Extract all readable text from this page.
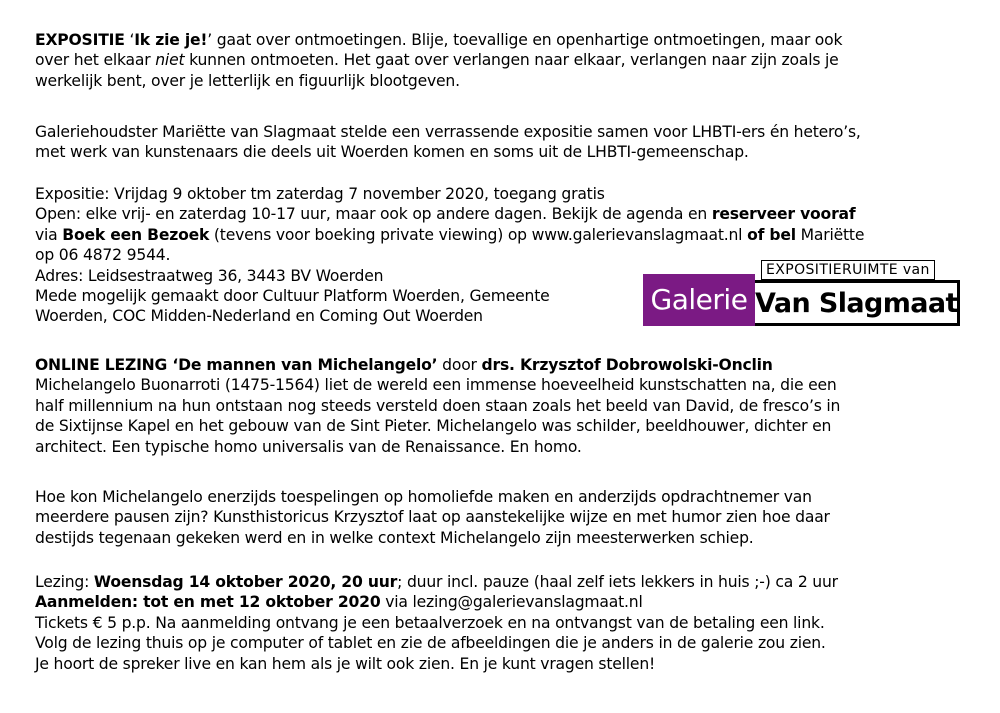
EXPOSITIE ‘Ik zie je!’ gaat over ontmoetingen. Blije, toevallige en openhartige ontmoetingen, maar ook
over het elkaar niet kunnen ontmoeten. Het gaat over verlangen naar elkaar, verlangen naar zijn zoals je
werkelijk bent, over je letterlijk en figuurlijk blootgeven.
Galeriehoudster Mariëtte van Slagmaat stelde een verrassende expositie samen voor LHBTI-ers én hetero’s,
met werk van kunstenaars die deels uit Woerden komen en soms uit de LHBTI-gemeenschap.
Expositie: Vrijdag 9 oktober tm zaterdag 7 november 2020, toegang gratis
Open: elke vrij- en zaterdag 10-17 uur, maar ook op andere dagen. Bekijk de agenda en reserveer vooraf
via Boek een Bezoek (tevens voor boeking private viewing) op www.galerievanslagmaat.nl of bel Mariëtte
op 06 4872 9544.
Adres: Leidsestraatweg 36, 3443 BV Woerden
Mede mogelijk gemaakt door Cultuur Platform Woerden, Gemeente
Woerden, COC Midden-Nederland en Coming Out Woerden
Galerie Van Slagmaat
EXPOSITIERUIMTE van
ONLINE LEZING ‘De mannen van Michelangelo’ door drs. Krzysztof Dobrowolski-Onclin
Michelangelo Buonarroti (1475-1564) liet de wereld een immense hoeveelheid kunstschatten na, die een
half millennium na hun ontstaan nog steeds versteld doen staan zoals het beeld van David, de fresco’s in
de Sixtijnse Kapel en het gebouw van de Sint Pieter. Michelangelo was schilder, beeldhouwer, dichter en
architect. Een typische homo universalis van de Renaissance. En homo.
Hoe kon Michelangelo enerzijds toespelingen op homoliefde maken en anderzijds opdrachtnemer van
meerdere pausen zijn? Kunsthistoricus Krzysztof laat op aanstekelijke wijze en met humor zien hoe daar
destijds tegenaan gekeken werd en in welke context Michelangelo zijn meesterwerken schiep.
Lezing: Woensdag 14 oktober 2020, 20 uur; duur incl. pauze (haal zelf iets lekkers in huis ;-) ca 2 uur
Aanmelden: tot en met 12 oktober 2020 via lezing@galerievanslagmaat.nl
Tickets € 5 p.p. Na aanmelding ontvang je een betaalverzoek en na ontvangst van de betaling een link.
Volg de lezing thuis op je computer of tablet en zie de afbeeldingen die je anders in de galerie zou zien.
Je hoort de spreker live en kan hem als je wilt ook zien. En je kunt vragen stellen!
